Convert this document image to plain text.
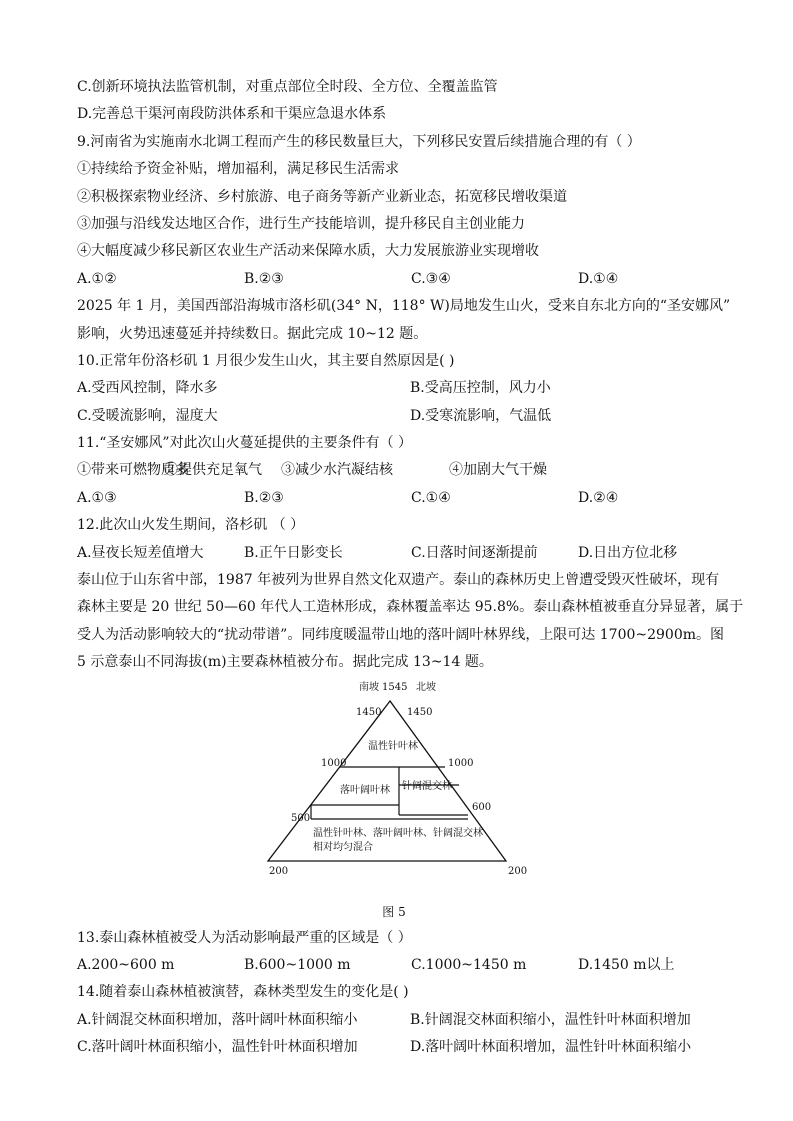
C.创新环境执法监管机制，对重点部位全时段、全方位、全覆盖监管
D.完善总干渠河南段防洪体系和干渠应急退水体系
9.河南省为实施南水北调工程而产生的移民数量巨大，下列移民安置后续措施合理的有（ ）
①持续给予资金补贴，增加福利，满足移民生活需求
②积极探索物业经济、乡村旅游、电子商务等新产业新业态，拓宽移民增收渠道
③加强与沿线发达地区合作，进行生产技能培训，提升移民自主创业能力
④大幅度减少移民新区农业生产活动来保障水质，大力发展旅游业实现增收
A.①②	B.②③	C.③④	D.①④
2025 年 1 月，美国西部沿海城市洛杉矶(34° N，118° W)局地发生山火，受来自东北方向的“圣安娜风”
影响，火势迅速蔓延并持续数日。据此完成 10~12 题。
10.正常年份洛杉矶 1 月很少发生山火，其主要自然原因是( )
A.受西风控制，降水多	B.受高压控制，风力小
C.受暖流影响，湿度大	D.受寒流影响，气温低
11.“圣安娜风”对此次山火蔓延提供的主要条件有（ ）
①带来可燃物质多
②提供充足氧气	③减少水汽凝结核	④加剧大气干燥
A.①③	B.②③	C.①④	D.②④
12.此次山火发生期间，洛杉矶 （ ）
A.昼夜长短差值增大	B.正午日影变长	C.日落时间逐渐提前	D.日出方位北移
泰山位于山东省中部，1987 年被列为世界自然文化双遗产。泰山的森林历史上曾遭受毁灭性破坏，现有
森林主要是 20 世纪 50—60 年代人工造林形成，森林覆盖率达 95.8%。泰山森林植被垂直分异显著，属于
受人为活动影响较大的“扰动带谱”。同纬度暖温带山地的落叶阔叶林界线，上限可达 1700~2900m。图
5 示意泰山不同海拔(m)主要森林植被分布。据此完成 13~14 题。
南坡 1545 北坡
1450	1450
温性针叶林
1000	1000
落叶阔叶林 针阔混交林
600
500
温性针叶林、落叶阔叶林、针阔混交林
相对均匀混合
200	200
图 5
13.泰山森林植被受人为活动影响最严重的区域是（ ）
A.200~600 m	B.600~1000 m	C.1000~1450 m	D.1450 m以上
14.随着泰山森林植被演替，森林类型发生的变化是( )
A.针阔混交林面积增加，落叶阔叶林面积缩小	B.针阔混交林面积缩小，温性针叶林面积增加
C.落叶阔叶林面积缩小，温性针叶林面积增加	D.落叶阔叶林面积增加，温性针叶林面积缩小
